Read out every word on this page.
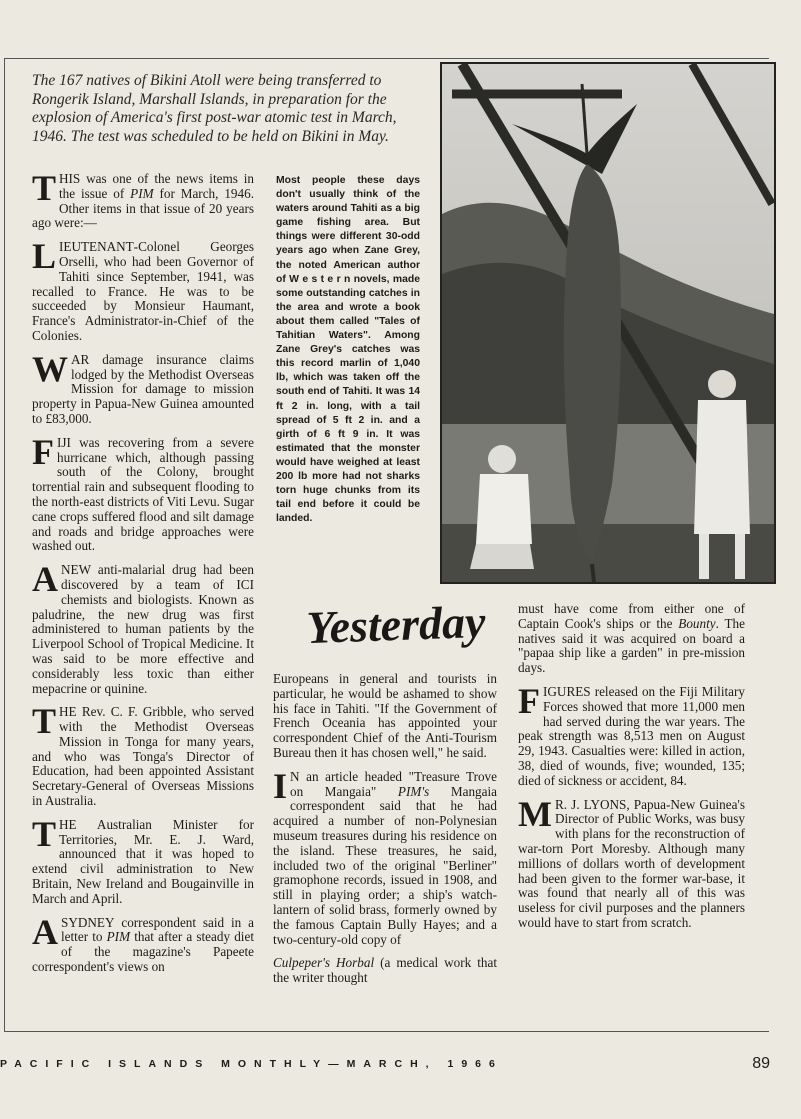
The 167 natives of Bikini Atoll were being transferred to Rongerik Island, Marshall Islands, in preparation for the explosion of America's first post-war atomic test in March, 1946. The test was scheduled to be held on Bikini in May.

THIS was one of the news items in the issue of PIM for March, 1946. Other items in that issue of 20 years ago were:—

LIEUTENANT-Colonel Georges Orselli, who had been Governor of Tahiti since September, 1941, was recalled to France. He was to be succeeded by Monsieur Haumant, France's Administrator-in-Chief of the Colonies.

WAR damage insurance claims lodged by the Methodist Overseas Mission for damage to mission property in Papua-New Guinea amounted to £83,000.

FIJI was recovering from a severe hurricane which, although passing south of the Colony, brought torrential rain and subsequent flooding to the north-east districts of Viti Levu. Sugar cane crops suffered flood and silt damage and roads and bridge approaches were washed out.

A NEW anti-malarial drug had been discovered by a team of ICI chemists and biologists. Known as paludrine, the new drug was first administered to human patients by the Liverpool School of Tropical Medicine. It was said to be more effective and considerably less toxic than either mepacrine or quinine.

THE Rev. C. F. Gribble, who served with the Methodist Overseas Mission in Tonga for many years, and who was Tonga's Director of Education, had been appointed Assistant Secretary-General of Overseas Missions in Australia.

THE Australian Minister for Territories, Mr. E. J. Ward, announced that it was hoped to extend civil administration to New Britain, New Ireland and Bougainville in March and April.

A SYDNEY correspondent said in a letter to PIM that after a steady diet of the magazine's Papeete correspondent's views on

Most people these days don't usually think of the waters around Tahiti as a big game fishing area. But things were different 30-odd years ago when Zane Grey, the noted American author of W e s t e r n novels, made some outstanding catches in the area and wrote a book about them called "Tales of Tahitian Waters". Among Zane Grey's catches was this record marlin of 1,040 lb, which was taken off the south end of Tahiti. It was 14 ft 2 in. long, with a tail spread of 5 ft 2 in. and a girth of 6 ft 9 in. It was estimated that the monster would have weighed at least 200 lb more had not sharks torn huge chunks from its tail end before it could be landed.

Yesterday

Europeans in general and tourists in particular, he would be ashamed to show his face in Tahiti. "If the Government of French Oceania has appointed your correspondent Chief of the Anti-Tourism Bureau then it has chosen well," he said.

I N an article headed "Treasure Trove on Mangaia" PIM's Mangaia correspondent said that he had acquired a number of non-Polynesian museum treasures during his residence on the island. These treasures, he said, included two of the original "Berliner" gramophone records, issued in 1908, and still in playing order; a ship's watch-lantern of solid brass, formerly owned by the famous Captain Bully Hayes; and a two-century-old copy of

Culpeper's Horbal (a medical work that the writer thought

must have come from either one of Captain Cook's ships or the Bounty. The natives said it was acquired on board a "papaa ship like a garden" in pre-mission days.

FIGURES released on the Fiji Military Forces showed that more 11,000 men had served during the war years. The peak strength was 8,513 men on August 29, 1943. Casualties were: killed in action, 38, died of wounds, five; wounded, 135; died of sickness or accident, 84.

M R. J. LYONS, Papua-New Guinea's Director of Public Works, was busy with plans for the reconstruction of war-torn Port Moresby. Although many millions of dollars worth of development had been given to the former war-base, it was found that nearly all of this was useless for civil purposes and the planners would have to start from scratch.

PACIFIC ISLANDS MONTHLY—MARCH, 1966	89
